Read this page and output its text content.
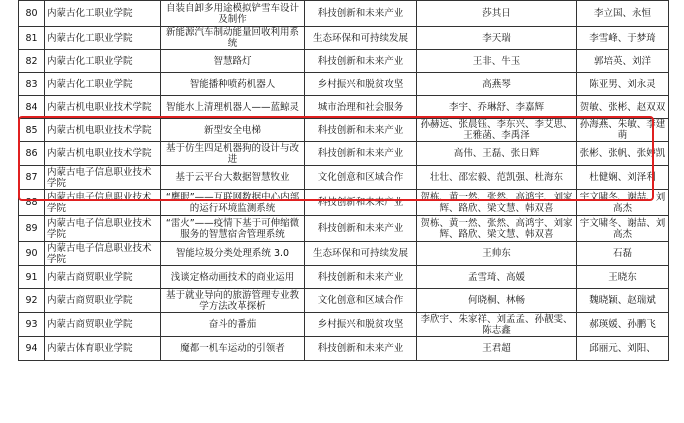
80	内蒙古化工职业学院	自装自卸多用途模拟铲雪车设计及制作	科技创新和未来产业	莎其日	李立国、永恒
81	内蒙古化工职业学院	新能源汽车制动能量回收利用系统	生态环保和可持续发展	李天瑞	李雪峰、于梦琦
82	内蒙古化工职业学院	智慧路灯	科技创新和未来产业	王非、牛玉	郭培英、刘洋
83	内蒙古化工职业学院	智能播种喷药机器人	乡村振兴和脱贫攻坚	高燕琴	陈亚男、刘永灵
84	内蒙古机电职业技术学院	智能水上清理机器人——蓝鲸灵	城市治理和社会服务	李宇、乔琳舒、李嘉辉	贺敏、张彬、赵双双
85	内蒙古机电职业技术学院	新型安全电梯	科技创新和未来产业	孙赫远、张晨钰、李东兴、李艾思、王雅菡、李禹泽	孙海燕、朱敏、李建萌
86	内蒙古机电职业技术学院	基于仿生四足机器狗的设计与改进	科技创新和未来产业	高伟、王磊、张日辉	张彬、张帆、张婷凯
87	内蒙古电子信息职业技术学院	基于云平台大数据智慧牧业	文化创意和区域合作	壮壮、邵宏毅、范凯强、杜海东	杜健娴、刘泽利
88	内蒙古电子信息职业技术学院	“鹰眼”——互联网数据中心内部的运行环境监测系统	科技创新和未来产业	贺栋、黄一然、张然、高鸿宇、刘家辉、路欣、梁文慧、韩双喜	宇文啸冬、谢喆、刘高杰
89	内蒙古电子信息职业技术学院	“雷火”——疫情下基于可伸缩微服务的智慧宿舍管理系统	科技创新和未来产业	贺栋、黄一然、张然、高鸿宇、刘家辉、路欣、梁文慧、韩双喜	宇文啸冬、谢喆、刘高杰
90	内蒙古电子信息职业技术学院	智能垃圾分类处理系统 3.0	生态环保和可持续发展	王帅东	石磊
91	内蒙古商贸职业学院	浅谈定格动画技术的商业运用	科技创新和未来产业	孟雪琦、高媛	王晓东
92	内蒙古商贸职业学院	基于就业导向的旅游管理专业教学方法改革探析	文化创意和区域合作	何晓桐、林畅	魏晓颖、赵瑞斌
93	内蒙古商贸职业学院	奋斗的番茄	乡村振兴和脱贫攻坚	李欣宇、朱家祥、刘孟孟、孙靓雯、陈志鑫	郝瑛媛、孙鹏飞
94	内蒙古体育职业学院	魔都一机车运动的引领者	科技创新和未来产业	王君超	邱丽元、刘阳、
